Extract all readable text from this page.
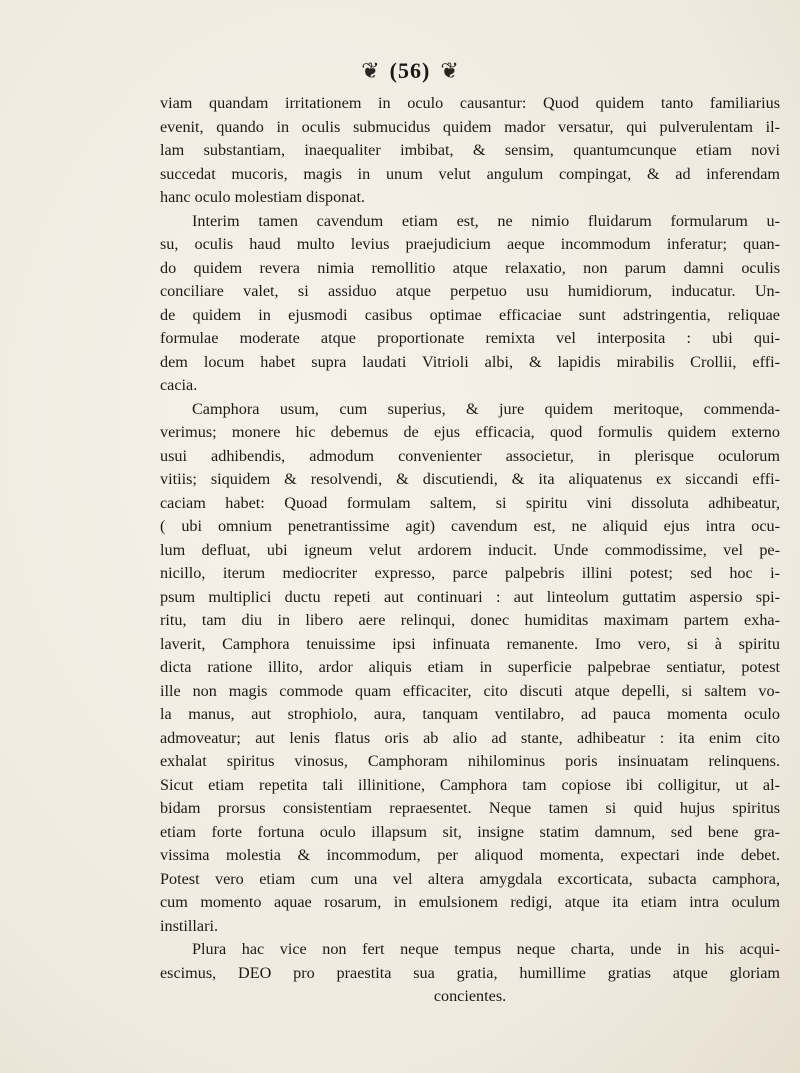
❦ (56) ❦
viam quandam irritationem in oculo causantur: Quod quidem tanto familiarius
evenit, quando in oculis submucidus quidem mador versatur, qui pulverulentam il-
lam substantiam, inaequaliter imbibat, & sensim, quantumcunque etiam novi
succedat mucoris, magis in unum velut angulum compingat, & ad inferendam
hanc oculo molestiam disponat.
Interim tamen cavendum etiam est, ne nimio fluidarum formularum u-
su, oculis haud multo levius praejudicium aeque incommodum inferatur; quan-
do quidem revera nimia remollitio atque relaxatio, non parum damni oculis
conciliare valet, si assiduo atque perpetuo usu humidiorum, inducatur. Un-
de quidem in ejusmodi casibus optimae efficaciae sunt adstringentia, reliquae
formulae moderate atque proportionate remixta vel interposita : ubi qui-
dem locum habet supra laudati Vitrioli albi, & lapidis mirabilis Crollii, effi-
cacia.
Camphora usum, cum superius, & jure quidem meritoque, commenda-
verimus; monere hic debemus de ejus efficacia, quod formulis quidem externo
usui adhibendis, admodum convenienter associetur, in plerisque oculorum
vitiis; siquidem & resolvendi, & discutiendi, & ita aliquatenus ex siccandi effi-
caciam habet: Quoad formulam saltem, si spiritu vini dissoluta adhibeatur,
( ubi omnium penetrantissime agit) cavendum est, ne aliquid ejus intra ocu-
lum defluat, ubi igneum velut ardorem inducit. Unde commodissime, vel pe-
nicillo, iterum mediocriter expresso, parce palpebris illini potest; sed hoc i-
psum multiplici ductu repeti aut continuari : aut linteolum guttatim aspersio spi-
ritu, tam diu in libero aere relinqui, donec humiditas maximam partem exha-
laverit, Camphora tenuissime ipsi infinuata remanente. Imo vero, si à spiritu
dicta ratione illito, ardor aliquis etiam in superficie palpebrae sentiatur, potest
ille non magis commode quam efficaciter, cito discuti atque depelli, si saltem vo-
la manus, aut strophiolo, aura, tanquam ventilabro, ad pauca momenta oculo
admoveatur; aut lenis flatus oris ab alio ad stante, adhibeatur : ita enim cito
exhalat spiritus vinosus, Camphoram nihilominus poris insinuatam relinquens.
Sicut etiam repetita tali illinitione, Camphora tam copiose ibi colligitur, ut al-
bidam prorsus consistentiam repraesentet. Neque tamen si quid hujus spiritus
etiam forte fortuna oculo illapsum sit, insigne statim damnum, sed bene gra-
vissima molestia & incommodum, per aliquod momenta, expectari inde debet.
Potest vero etiam cum una vel altera amygdala excorticata, subacta camphora,
cum momento aquae rosarum, in emulsionem redigi, atque ita etiam intra oculum
instillari.
Plura hac vice non fert neque tempus neque charta, unde in his acqui-
escimus, DEO pro praestita sua gratia, humillime gratias atque gloriam
concientes.
